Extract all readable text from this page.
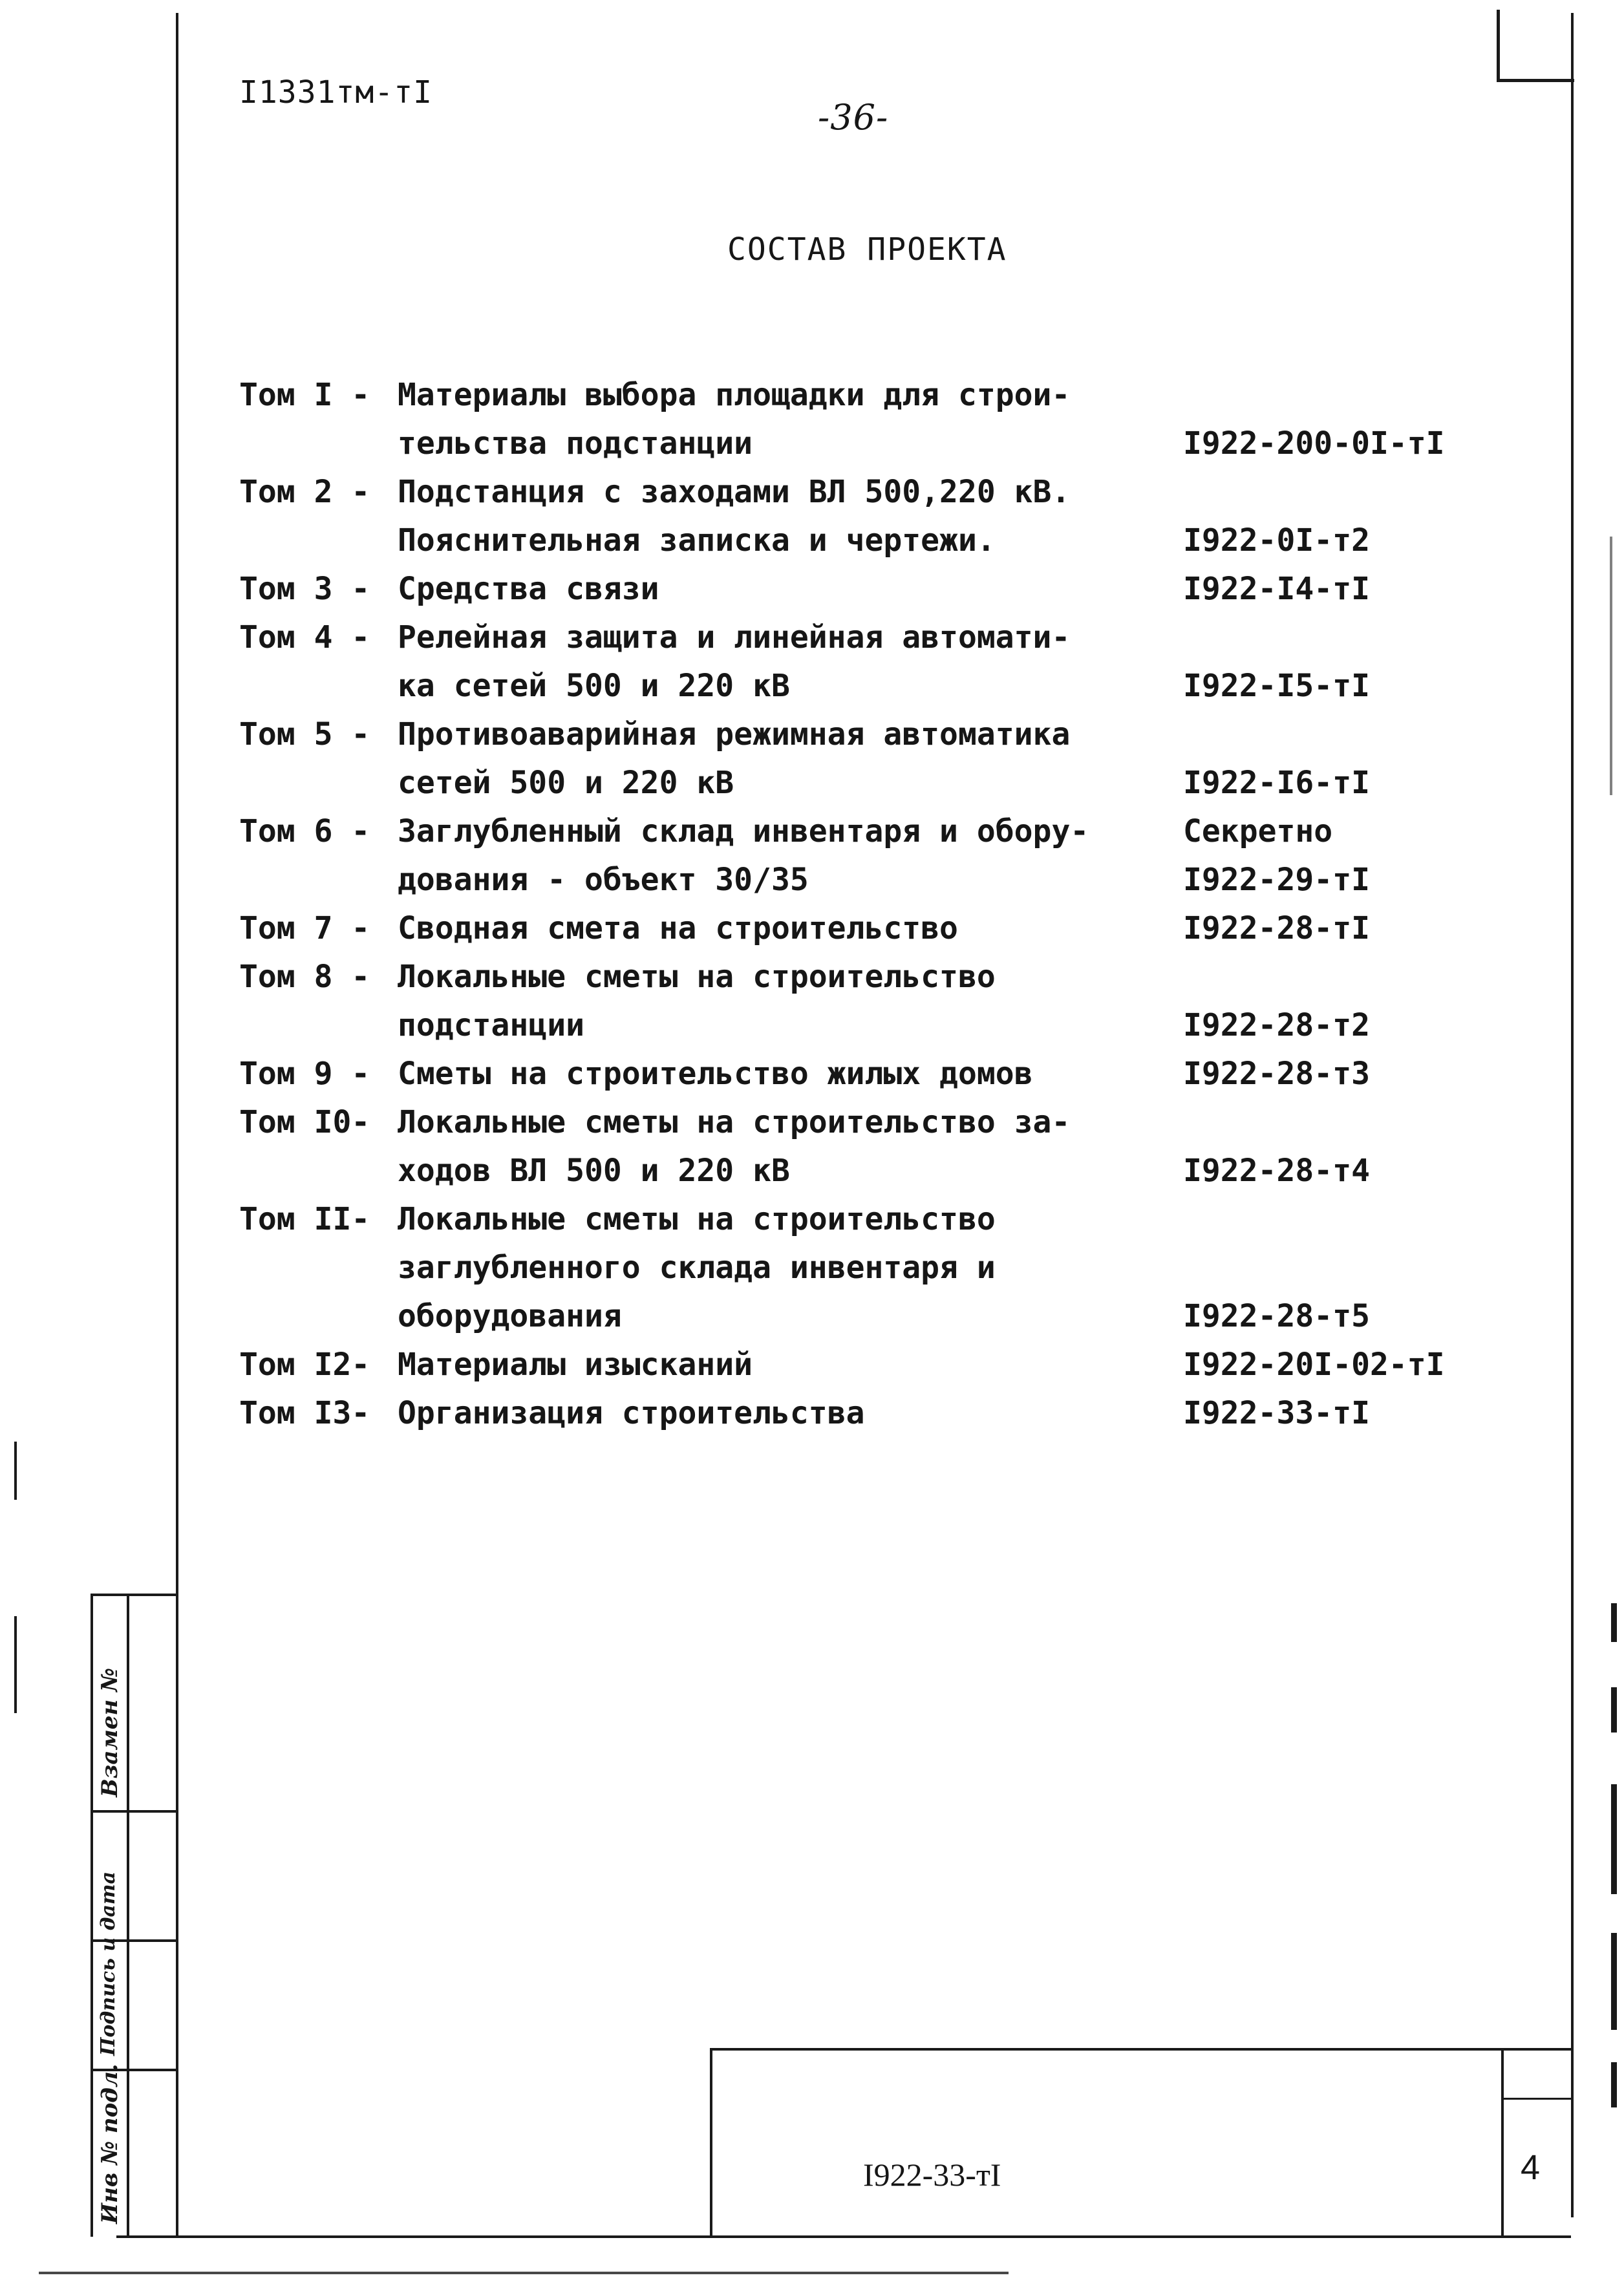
I1331тм-тI
-36-
СОСТАВ ПРОЕКТА
Том I - Материалы выбора площадки для строи-
тельства подстанции	I922-200-0I-тI
Том 2 - Подстанция с заходами ВЛ 500,220 кВ.
Пояснительная записка и чертежи.	I922-0I-т2
Том 3 - Средства связи	I922-I4-тI
Том 4 - Релейная защита и линейная автомати-
ка сетей 500 и 220 кВ	I922-I5-тI
Том 5 - Противоаварийная режимная автоматика
сетей 500 и 220 кВ	I922-I6-тI
Том 6 - Заглубленный склад инвентаря и обору-	Секретно
дования - объект 30/35	I922-29-тI
Том 7 - Сводная смета на строительство	I922-28-тI
Том 8 - Локальные сметы на строительство
подстанции	I922-28-т2
Том 9 - Сметы на строительство жилых домов	I922-28-т3
Том I0- Локальные сметы на строительство за-
ходов ВЛ 500 и 220 кВ	I922-28-т4
Том II- Локальные сметы на строительство
заглубленного склада инвентаря и
оборудования	I922-28-т5
Том I2- Материалы изысканий	I922-20I-02-тI
Том I3- Организация строительства	I922-33-тI
Взамен №
Подпись и дата
Инв № подл.	I922-33-тI	4
